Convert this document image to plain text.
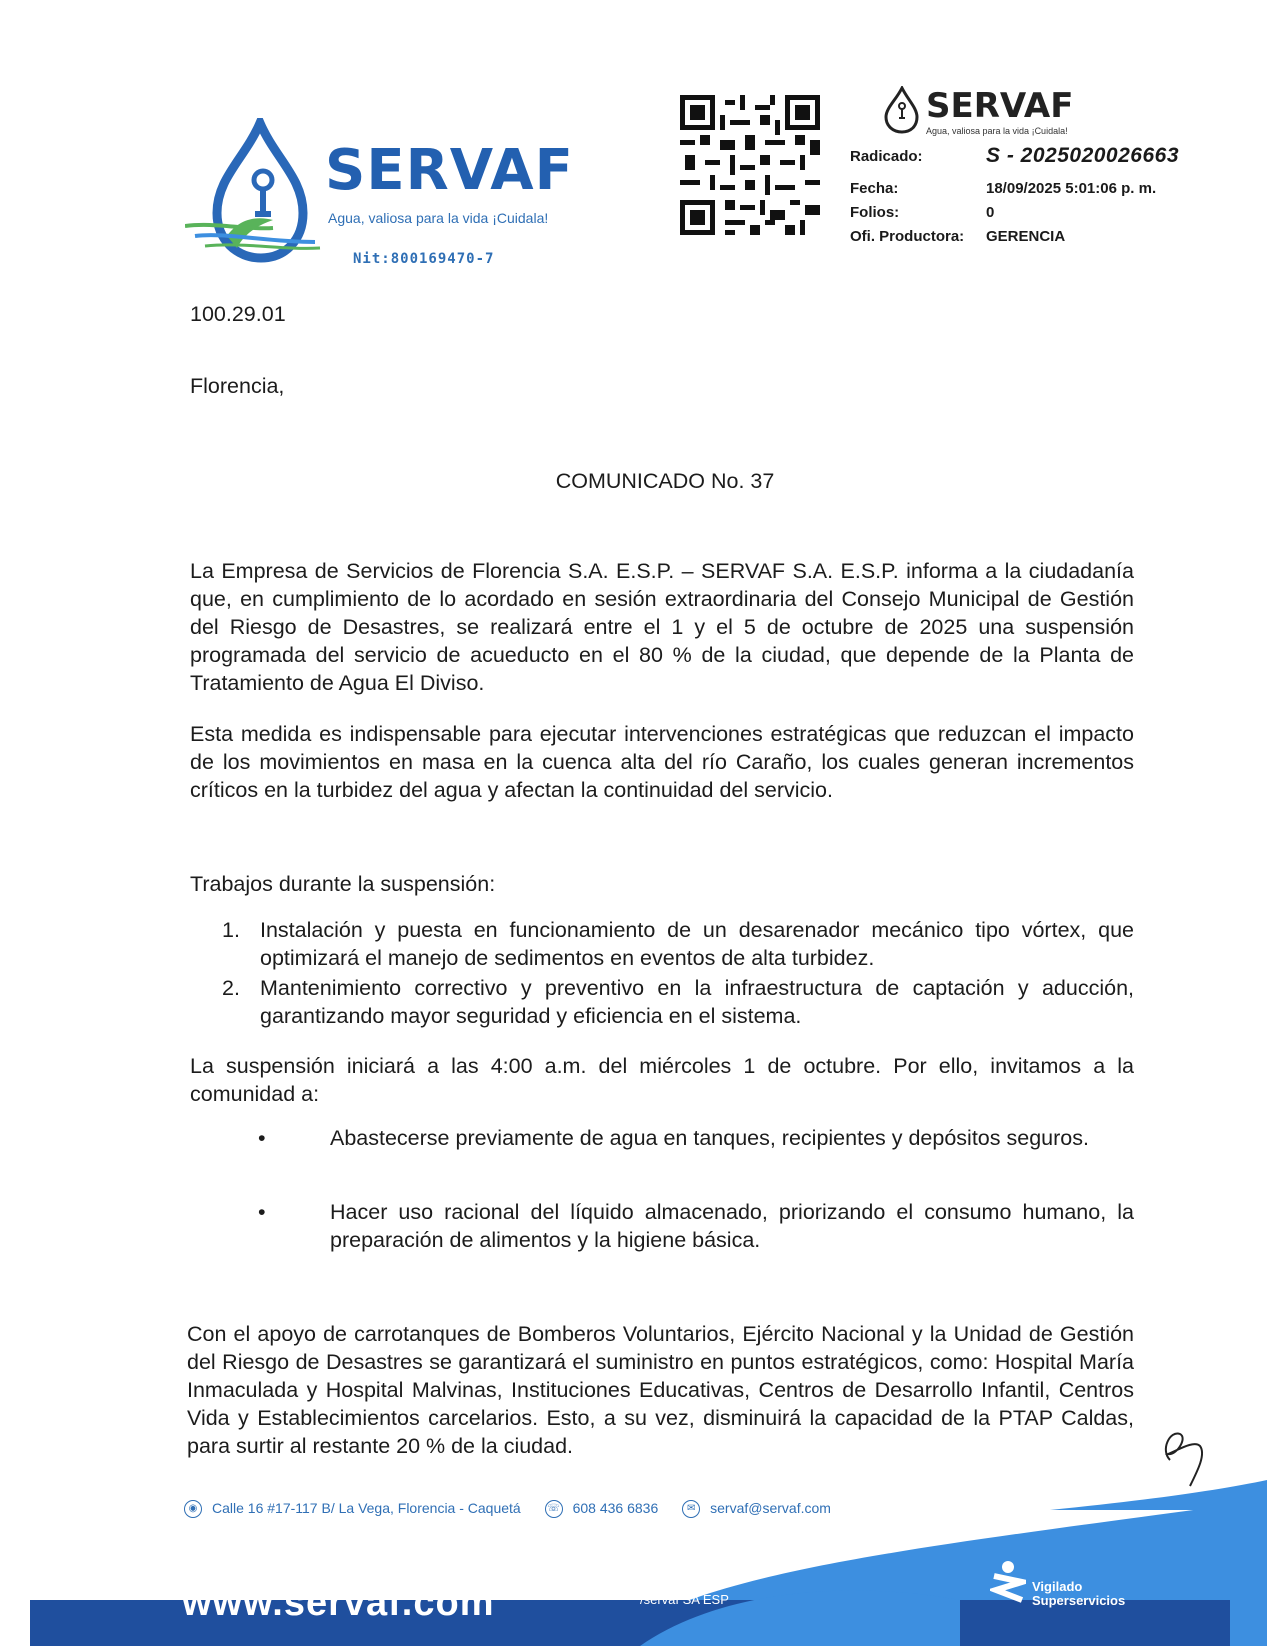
SERVAF
Agua, valiosa para la vida ¡Cuidala!
Nit:800169470-7
SERVAF
Agua, valiosa para la vida ¡Cuidala!
Radicado:	S - 2025020026663
Fecha:	18/09/2025 5:01:06 p. m.
Folios:	0
Ofi. Productora: GERENCIA
100.29.01
Florencia,
COMUNICADO No. 37
La Empresa de Servicios de Florencia S.A. E.S.P. – SERVAF S.A. E.S.P. informa a la ciudadanía que, en cumplimiento de lo acordado en sesión extraordinaria del Consejo Municipal de Gestión del Riesgo de Desastres, se realizará entre el 1 y el 5 de octubre de 2025 una suspensión programada del servicio de acueducto en el 80 % de la ciudad, que depende de la Planta de Tratamiento de Agua El Diviso.
Esta medida es indispensable para ejecutar intervenciones estratégicas que reduzcan el impacto de los movimientos en masa en la cuenca alta del río Caraño, los cuales generan incrementos críticos en la turbidez del agua y afectan la continuidad del servicio.
Trabajos durante la suspensión:
1. Instalación y puesta en funcionamiento de un desarenador mecánico tipo vórtex, que optimizará el manejo de sedimentos en eventos de alta turbidez.
2. Mantenimiento correctivo y preventivo en la infraestructura de captación y aducción, garantizando mayor seguridad y eficiencia en el sistema.
La suspensión iniciará a las 4:00 a.m. del miércoles 1 de octubre. Por ello, invitamos a la comunidad a:
•	Abastecerse previamente de agua en tanques, recipientes y depósitos seguros.
•	Hacer uso racional del líquido almacenado, priorizando el consumo humano, la preparación de alimentos y la higiene básica.
Con el apoyo de carrotanques de Bomberos Voluntarios, Ejército Nacional y la Unidad de Gestión del Riesgo de Desastres se garantizará el suministro en puntos estratégicos, como: Hospital María Inmaculada y Hospital Malvinas, Instituciones Educativas, Centros de Desarrollo Infantil, Centros Vida y Establecimientos carcelarios. Esto, a su vez, disminuirá la capacidad de la PTAP Caldas, para surtir al restante 20 % de la ciudad.
◉ Calle 16 #17-117 B/ La Vega, Florencia - Caquetá	☏ 608 436 6836	✉ servaf@servaf.com
www.servaf.com	/servaf SA ESP
Vigilado
Superservicios
